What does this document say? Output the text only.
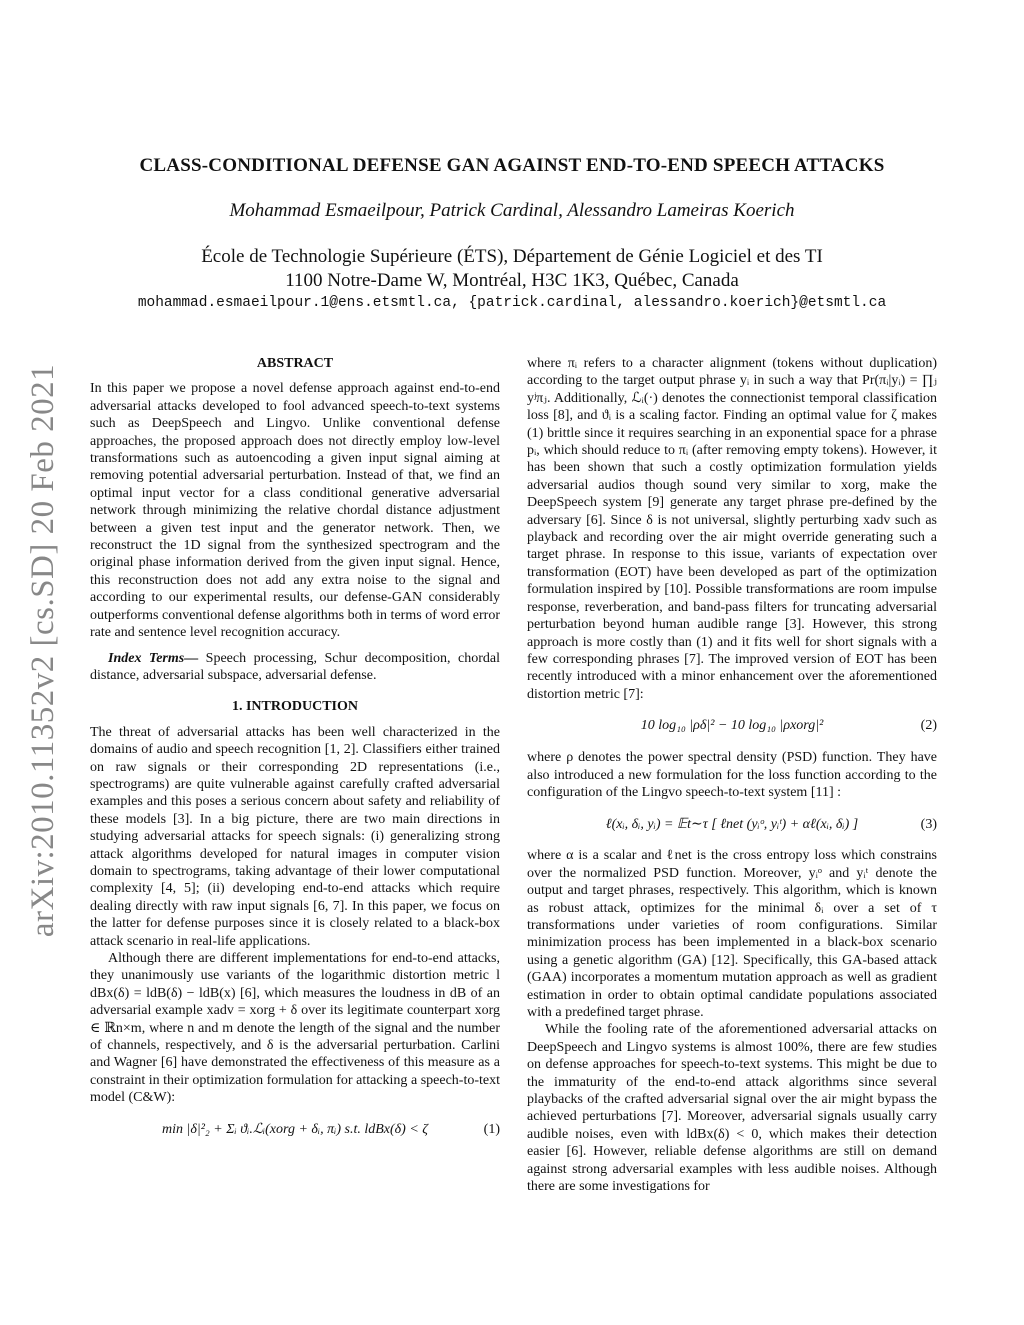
arXiv:2010.11352v2 [cs.SD] 20 Feb 2021
CLASS-CONDITIONAL DEFENSE GAN AGAINST END-TO-END SPEECH ATTACKS
Mohammad Esmaeilpour, Patrick Cardinal, Alessandro Lameiras Koerich
École de Technologie Supérieure (ÉTS), Département de Génie Logiciel et des TI
1100 Notre-Dame W, Montréal, H3C 1K3, Québec, Canada
mohammad.esmaeilpour.1@ens.etsmtl.ca, {patrick.cardinal, alessandro.koerich}@etsmtl.ca
ABSTRACT

In this paper we propose a novel defense approach against end-to-end adversarial attacks developed to fool advanced speech-to-text systems such as DeepSpeech and Lingvo. Unlike conventional defense approaches, the proposed approach does not directly employ low-level transformations such as autoencoding a given input signal aiming at removing potential adversarial perturbation. Instead of that, we find an optimal input vector for a class conditional generative adversarial network through minimizing the relative chordal distance adjustment between a given test input and the generator network. Then, we reconstruct the 1D signal from the synthesized spectrogram and the original phase information derived from the given input signal. Hence, this reconstruction does not add any extra noise to the signal and according to our experimental results, our defense-GAN considerably outperforms conventional defense algorithms both in terms of word error rate and sentence level recognition accuracy.

Index Terms— Speech processing, Schur decomposition, chordal distance, adversarial subspace, adversarial defense.

1. INTRODUCTION

The threat of adversarial attacks has been well characterized in the domains of audio and speech recognition [1, 2]. Classifiers either trained on raw signals or their corresponding 2D representations (i.e., spectrograms) are quite vulnerable against carefully crafted adversarial examples and this poses a serious concern about safety and reliability of these models [3]. In a big picture, there are two main directions in studying adversarial attacks for speech signals: (i) generalizing strong attack algorithms developed for natural images in computer vision domain to spectrograms, taking advantage of their lower computational complexity [4, 5]; (ii) developing end-to-end attacks which require dealing directly with raw input signals [6, 7]. In this paper, we focus on the latter for defense purposes since it is closely related to a black-box attack scenario in real-life applications.

Although there are different implementations for end-to-end attacks, they unanimously use variants of the logarithmic distortion metric l dBx(δ) = ldB(δ) − ldB(x) [6], which measures the loudness in dB of an adversarial example xadv = xorg + δ over its legitimate counterpart xorg ∈ ℝn×m, where n and m denote the length of the signal and the number of channels, respectively, and δ is the adversarial perturbation. Carlini and Wagner [6] have demonstrated the effectiveness of this measure as a constraint in their optimization formulation for attacking a speech-to-text model (C&W):

min |δ|²₂ + Σᵢ ϑᵢ.ℒᵢ(xorg + δᵢ, πᵢ) s.t. ldBx(δ) < ζ	(1)

where πᵢ refers to a character alignment (tokens without duplication) according to the target output phrase yᵢ in such a way that Pr(πᵢ|yᵢ) = ∏ⱼ yʲπⱼ. Additionally, ℒᵢ(·) denotes the connectionist temporal classification loss [8], and ϑᵢ is a scaling factor. Finding an optimal value for ζ makes (1) brittle since it requires searching in an exponential space for a phrase pᵢ, which should reduce to πᵢ (after removing empty tokens). However, it has been shown that such a costly optimization formulation yields adversarial audios though sound very similar to xorg, make the DeepSpeech system [9] generate any target phrase pre-defined by the adversary [6]. Since δ is not universal, slightly perturbing xadv such as playback and recording over the air might override generating such a target phrase. In response to this issue, variants of expectation over transformation (EOT) have been developed as part of the optimization formulation inspired by [10]. Possible transformations are room impulse response, reverberation, and band-pass filters for truncating adversarial perturbation beyond human audible range [3]. However, this strong approach is more costly than (1) and it fits well for short signals with a few corresponding phrases [7]. The improved version of EOT has been recently introduced with a minor enhancement over the aforementioned distortion metric [7]:

10 log₁₀ |ρδ|² − 10 log₁₀ |ρxorg|²	(2)

where ρ denotes the power spectral density (PSD) function. They have also introduced a new formulation for the loss function according to the configuration of the Lingvo speech-to-text system [11] :

ℓ(xᵢ, δᵢ, yᵢ) = 𝔼t∼τ [ ℓnet (yᵢᵒ, yᵢᵗ) + αℓ(xᵢ, δᵢ) ]	(3)

where α is a scalar and ℓnet is the cross entropy loss which constrains over the normalized PSD function. Moreover, yᵢᵒ and yᵢᵗ denote the output and target phrases, respectively. This algorithm, which is known as robust attack, optimizes for the minimal δᵢ over a set of τ transformations under varieties of room configurations. Similar minimization process has been implemented in a black-box scenario using a genetic algorithm (GA) [12]. Specifically, this GA-based attack (GAA) incorporates a momentum mutation approach as well as gradient estimation in order to obtain optimal candidate populations associated with a predefined target phrase.

While the fooling rate of the aforementioned adversarial attacks on DeepSpeech and Lingvo systems is almost 100%, there are few studies on defense approaches for speech-to-text systems. This might be due to the immaturity of the end-to-end attack algorithms since several playbacks of the crafted adversarial signal over the air might bypass the achieved perturbations [7]. Moreover, adversarial signals usually carry audible noises, even with ldBx(δ) < 0, which makes their detection easier [6]. However, reliable defense algorithms are still on demand against strong adversarial examples with less audible noises. Although there are some investigations for
